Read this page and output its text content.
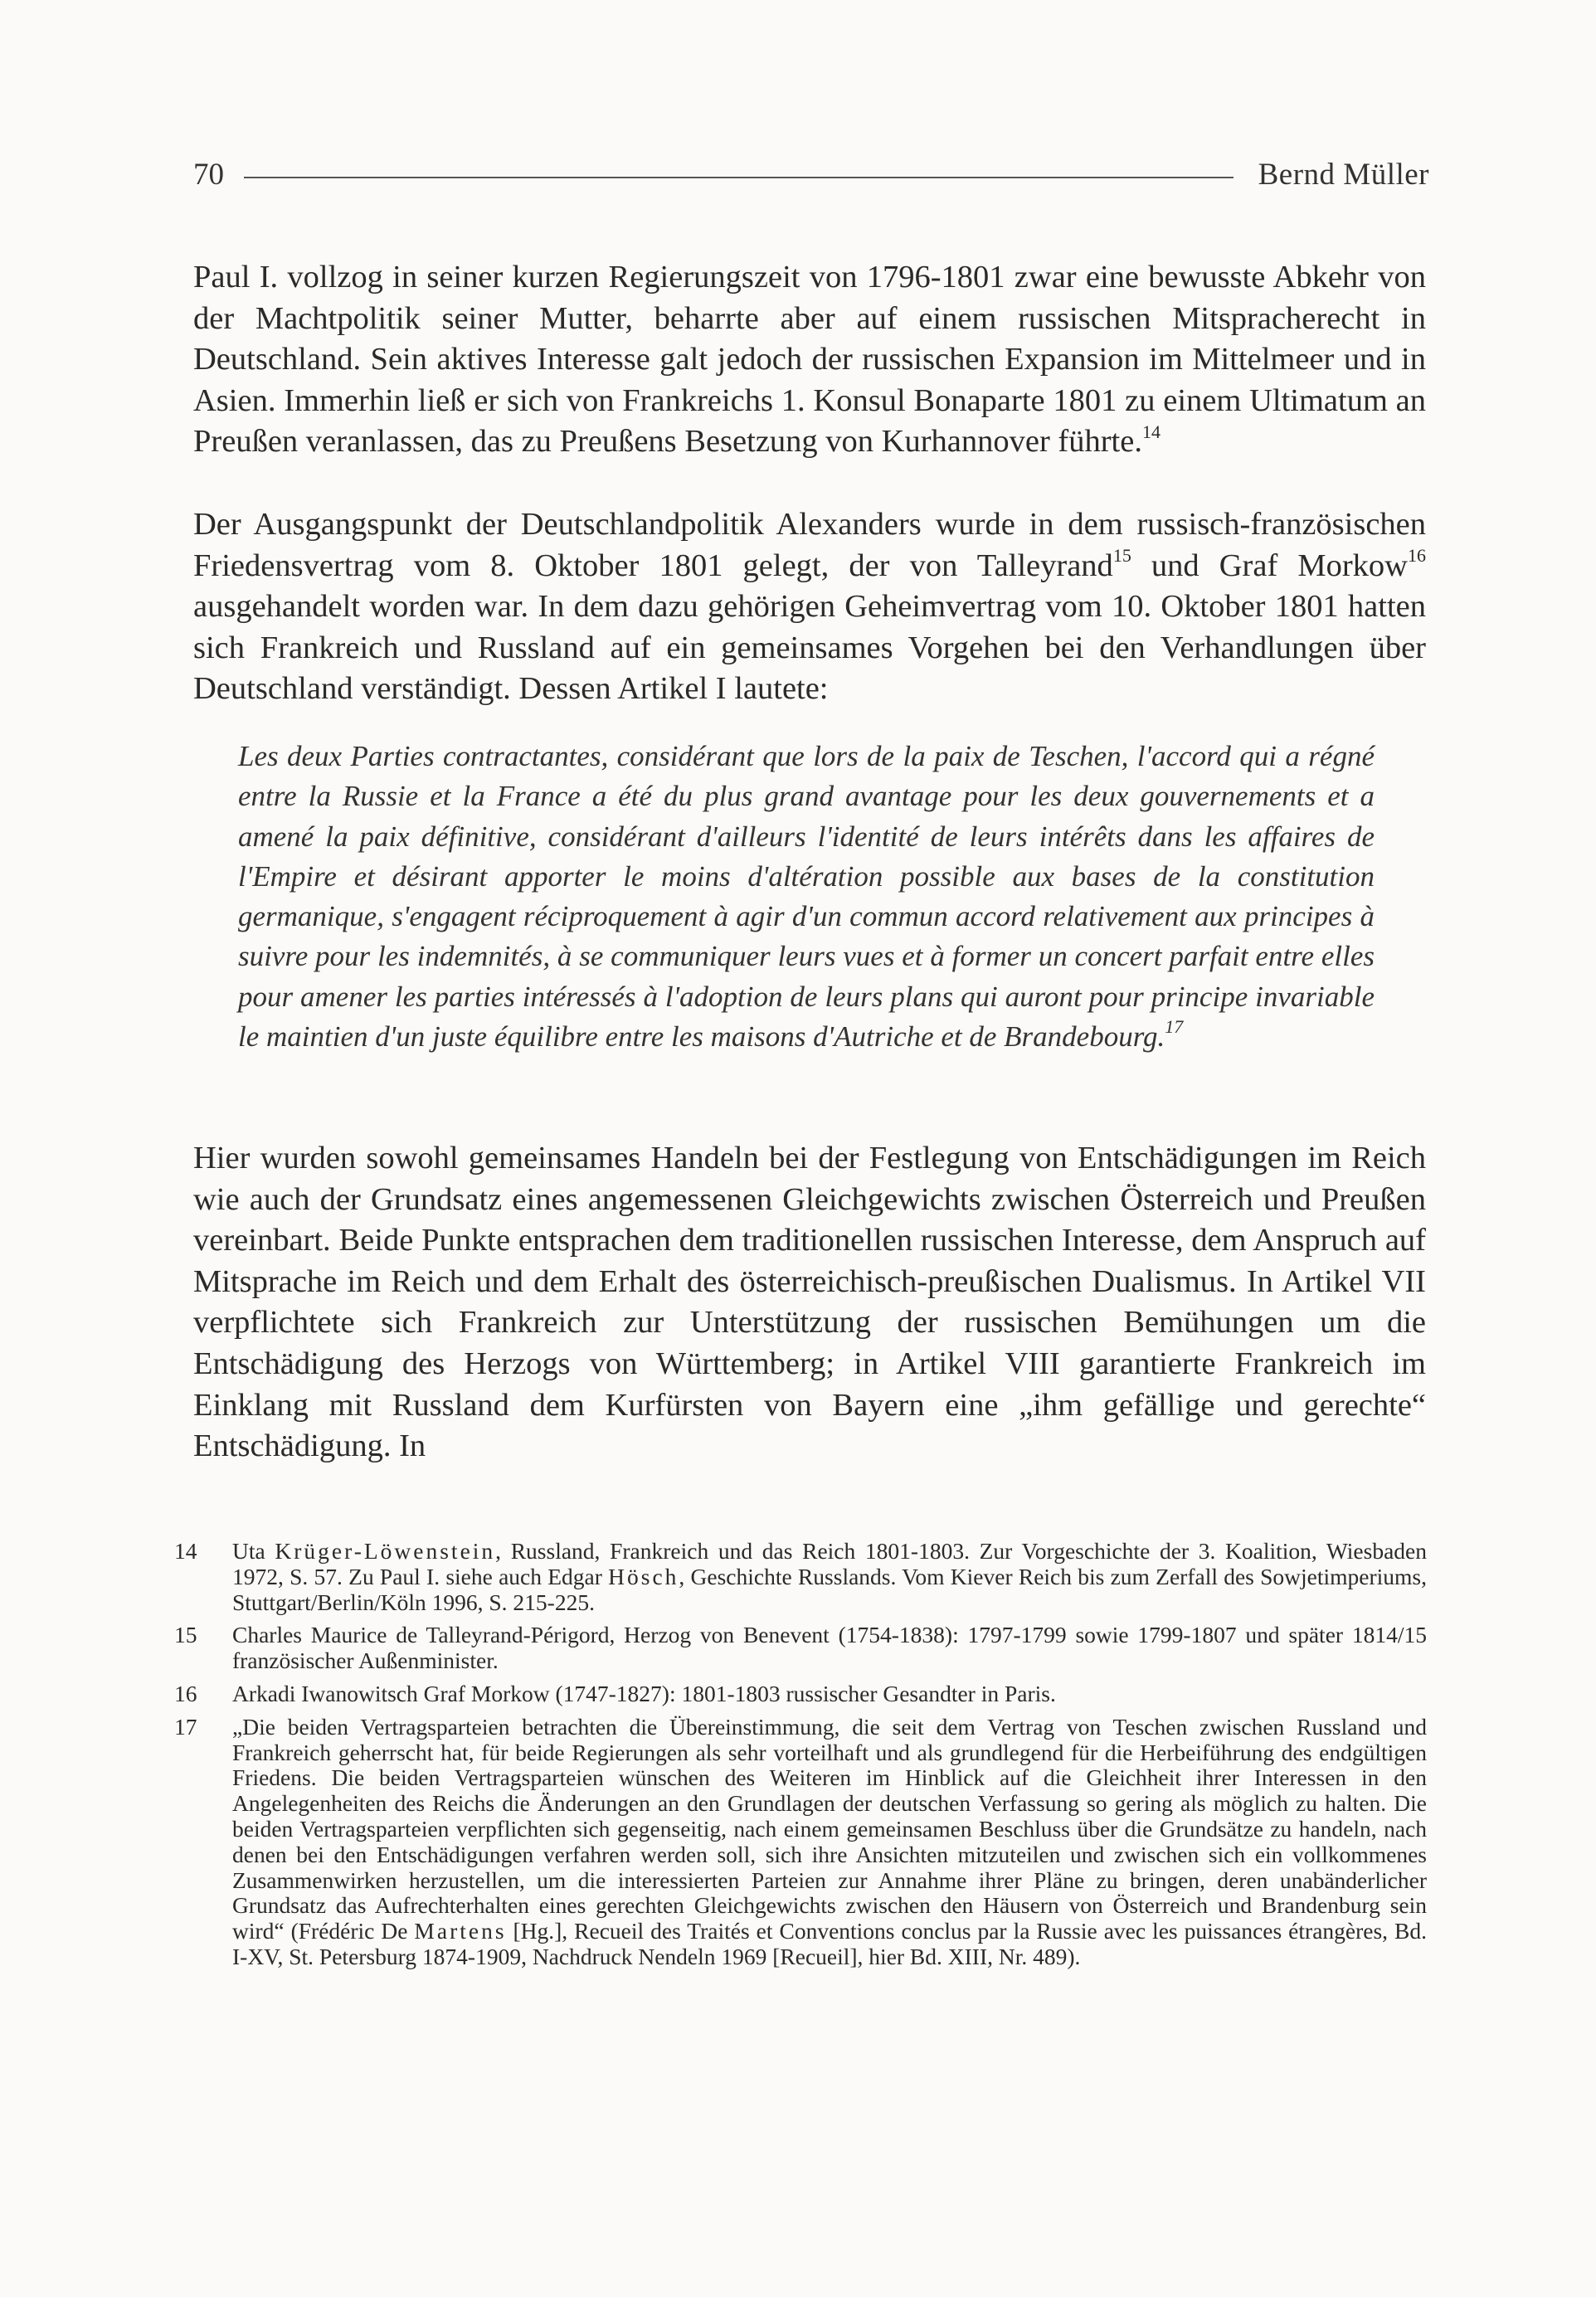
70	Bernd Müller

Paul I. vollzog in seiner kurzen Regierungszeit von 1796-1801 zwar eine bewusste Abkehr von der Machtpolitik seiner Mutter, beharrte aber auf einem russischen Mitspracherecht in Deutschland. Sein aktives Interesse galt jedoch der russischen Expansion im Mittelmeer und in Asien. Immerhin ließ er sich von Frankreichs 1. Konsul Bonaparte 1801 zu einem Ultimatum an Preußen veranlassen, das zu Preußens Besetzung von Kurhannover führte.$^{14}$

Der Ausgangspunkt der Deutschlandpolitik Alexanders wurde in dem russisch-französischen Friedensvertrag vom 8. Oktober 1801 gelegt, der von Talleyrand$^{15}$ und Graf Morkow$^{16}$ ausgehandelt worden war. In dem dazu gehörigen Geheimvertrag vom 10. Oktober 1801 hatten sich Frankreich und Russland auf ein gemeinsames Vorgehen bei den Verhandlungen über Deutschland verständigt. Dessen Artikel I lautete:

Les deux Parties contractantes, considérant que lors de la paix de Teschen, l'accord qui a régné entre la Russie et la France a été du plus grand avantage pour les deux gouvernements et a amené la paix définitive, considérant d'ailleurs l'identité de leurs intérêts dans les affaires de l'Empire et désirant apporter le moins d'altération possible aux bases de la constitution germanique, s'engagent réciproquement à agir d'un commun accord relativement aux principes à suivre pour les indemnités, à se communiquer leurs vues et à former un concert parfait entre elles pour amener les parties intéressés à l'adoption de leurs plans qui auront pour principe invariable le maintien d'un juste équilibre entre les maisons d'Autriche et de Brandebourg.$^{17}$

Hier wurden sowohl gemeinsames Handeln bei der Festlegung von Entschädigungen im Reich wie auch der Grundsatz eines angemessenen Gleichgewichts zwischen Österreich und Preußen vereinbart. Beide Punkte entsprachen dem traditionellen russischen Interesse, dem Anspruch auf Mitsprache im Reich und dem Erhalt des österreichisch-preußischen Dualismus. In Artikel VII verpflichtete sich Frankreich zur Unterstützung der russischen Bemühungen um die Entschädigung des Herzogs von Württemberg; in Artikel VIII garantierte Frankreich im Einklang mit Russland dem Kurfürsten von Bayern eine „ihm gefällige und gerechte“ Entschädigung. In

14	Uta Krüger-Löwenstein, Russland, Frankreich und das Reich 1801-1803. Zur Vorgeschichte der 3. Koalition, Wiesbaden 1972, S. 57. Zu Paul I. siehe auch Edgar Hösch, Geschichte Russlands. Vom Kiever Reich bis zum Zerfall des Sowjetimperiums, Stuttgart/Berlin/Köln 1996, S. 215-225.
15	Charles Maurice de Talleyrand-Périgord, Herzog von Benevent (1754-1838): 1797-1799 sowie 1799-1807 und später 1814/15 französischer Außenminister.
16	Arkadi Iwanowitsch Graf Morkow (1747-1827): 1801-1803 russischer Gesandter in Paris.
17	„Die beiden Vertragsparteien betrachten die Übereinstimmung, die seit dem Vertrag von Teschen zwischen Russland und Frankreich geherrscht hat, für beide Regierungen als sehr vorteilhaft und als grundlegend für die Herbeiführung des endgültigen Friedens. Die beiden Vertragsparteien wünschen des Weiteren im Hinblick auf die Gleichheit ihrer Interessen in den Angelegenheiten des Reichs die Änderungen an den Grundlagen der deutschen Verfassung so gering als möglich zu halten. Die beiden Vertragsparteien verpflichten sich gegenseitig, nach einem gemeinsamen Beschluss über die Grundsätze zu handeln, nach denen bei den Entschädigungen verfahren werden soll, sich ihre Ansichten mitzuteilen und zwischen sich ein vollkommenes Zusammenwirken herzustellen, um die interessierten Parteien zur Annahme ihrer Pläne zu bringen, deren unabänderlicher Grundsatz das Aufrechterhalten eines gerechten Gleichgewichts zwischen den Häusern von Österreich und Brandenburg sein wird“ (Frédéric De Martens [Hg.], Recueil des Traités et Conventions conclus par la Russie avec les puissances étrangères, Bd. I-XV, St. Petersburg 1874-1909, Nachdruck Nendeln 1969 [Recueil], hier Bd. XIII, Nr. 489).
